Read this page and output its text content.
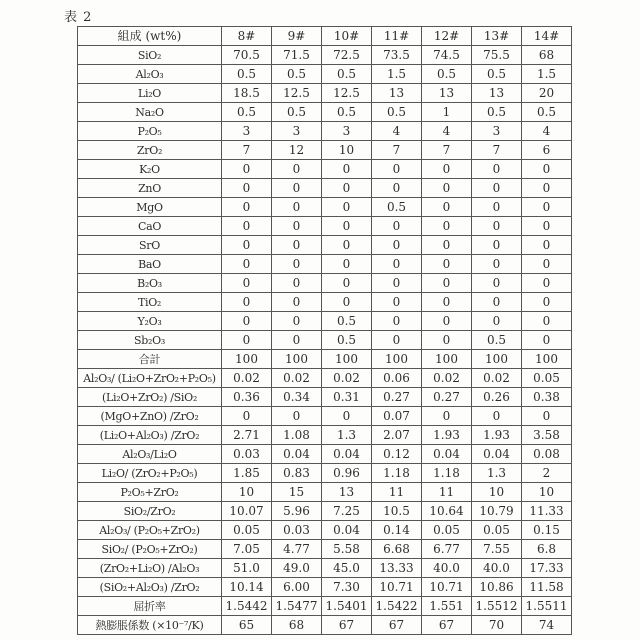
表 2
組成 (wt%)	8#	9#	10#	11#	12#	13#	14#
SiO₂	70.5	71.5	72.5	73.5	74.5	75.5	68
Al₂O₃	0.5	0.5	0.5	1.5	0.5	0.5	1.5
Li₂O	18.5	12.5	12.5	13	13	13	20
Na₂O	0.5	0.5	0.5	0.5	1	0.5	0.5
P₂O₅	3	3	3	4	4	3	4
ZrO₂	7	12	10	7	7	7	6
K₂O	0	0	0	0	0	0	0
ZnO	0	0	0	0	0	0	0
MgO	0	0	0	0.5	0	0	0
CaO	0	0	0	0	0	0	0
SrO	0	0	0	0	0	0	0
BaO	0	0	0	0	0	0	0
B₂O₃	0	0	0	0	0	0	0
TiO₂	0	0	0	0	0	0	0
Y₂O₃	0	0	0.5	0	0	0	0
Sb₂O₃	0	0	0.5	0	0	0.5	0
合計	100	100	100	100	100	100	100
Al₂O₃/ (Li₂O+ZrO₂+P₂O₅)	0.02	0.02	0.02	0.06	0.02	0.02	0.05
(Li₂O+ZrO₂) /SiO₂	0.36	0.34	0.31	0.27	0.27	0.26	0.38
(MgO+ZnO) /ZrO₂	0	0	0	0.07	0	0	0
(Li₂O+Al₂O₃) /ZrO₂	2.71	1.08	1.3	2.07	1.93	1.93	3.58
Al₂O₃/Li₂O	0.03	0.04	0.04	0.12	0.04	0.04	0.08
Li₂O/ (ZrO₂+P₂O₅)	1.85	0.83	0.96	1.18	1.18	1.3	2
P₂O₅+ZrO₂	10	15	13	11	11	10	10
SiO₂/ZrO₂	10.07	5.96	7.25	10.5	10.64	10.79	11.33
Al₂O₃/ (P₂O₅+ZrO₂)	0.05	0.03	0.04	0.14	0.05	0.05	0.15
SiO₂/ (P₂O₅+ZrO₂)	7.05	4.77	5.58	6.68	6.77	7.55	6.8
(ZrO₂+Li₂O) /Al₂O₃	51.0	49.0	45.0	13.33	40.0	40.0	17.33
(SiO₂+Al₂O₃) /ZrO₂	10.14	6.00	7.30	10.71	10.71	10.86	11.58
屈折率	1.5442	1.5477	1.5401	1.5422	1.551	1.5512	1.5511
熱膨脹係数 (×10⁻⁷/K)	65	68	67	67	67	70	74
